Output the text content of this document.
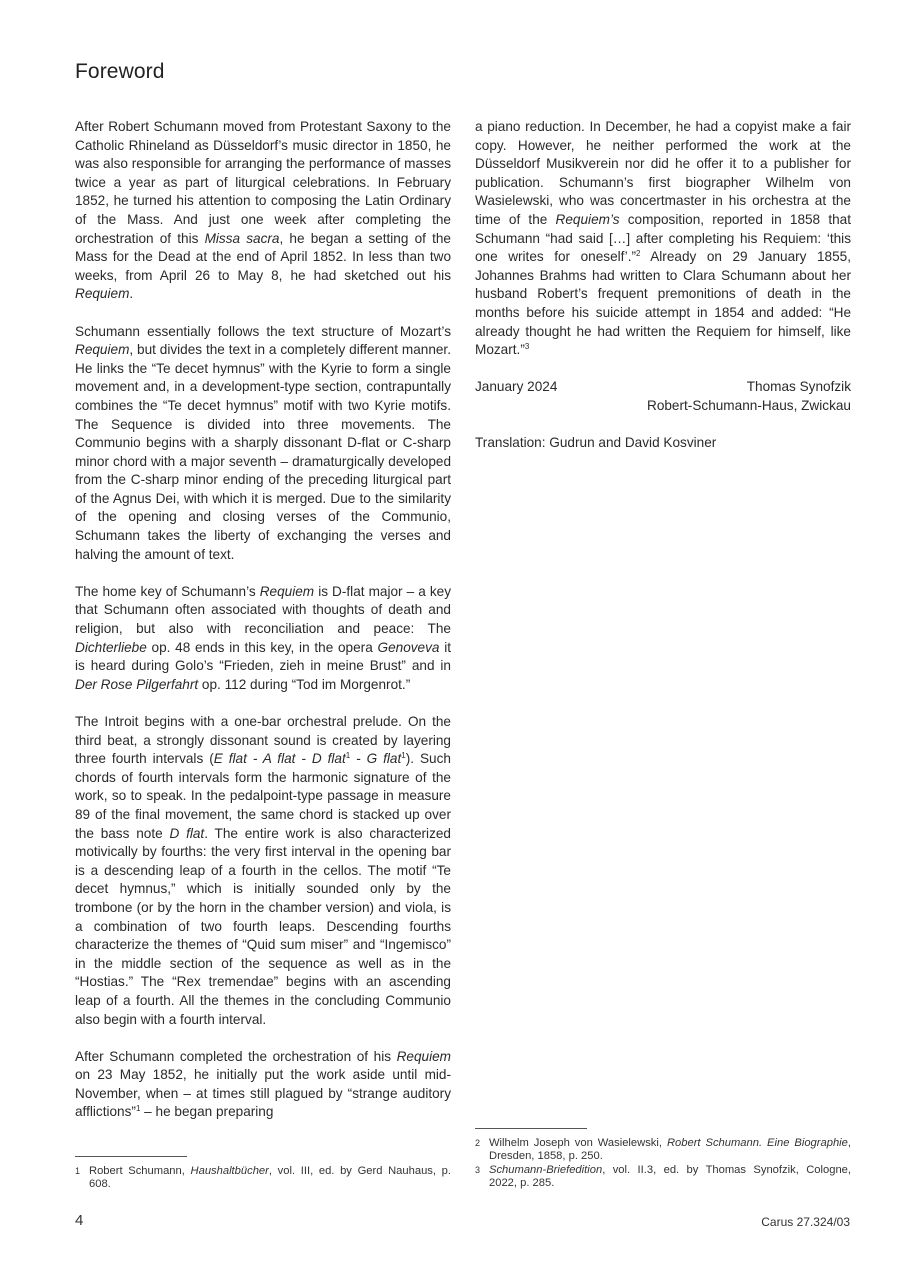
Foreword

After Robert Schumann moved from Protestant Saxony to the Catholic Rhineland as Düsseldorf’s music director in 1850, he was also responsible for arranging the performance of masses twice a year as part of liturgical celebrations. In February 1852, he turned his attention to composing the Latin Ordinary of the Mass. And just one week after completing the orchestration of this Missa sacra, he began a setting of the Mass for the Dead at the end of April 1852. In less than two weeks, from April 26 to May 8, he had sketched out his Requiem.

Schumann essentially follows the text structure of Mozart’s Requiem, but divides the text in a completely different manner. He links the “Te decet hymnus” with the Kyrie to form a single movement and, in a development-type section, contrapuntally combines the “Te decet hymnus” motif with two Kyrie motifs. The Sequence is divided into three movements. The Communio begins with a sharply dissonant D-flat or C-sharp minor chord with a major seventh – dramaturgically developed from the C-sharp minor ending of the preceding liturgical part of the Agnus Dei, with which it is merged. Due to the similarity of the opening and closing verses of the Communio, Schumann takes the liberty of exchanging the verses and halving the amount of text.

The home key of Schumann’s Requiem is D-flat major – a key that Schumann often associated with thoughts of death and religion, but also with reconciliation and peace: The Dichterliebe op. 48 ends in this key, in the opera Genoveva it is heard during Golo’s “Frieden, zieh in meine Brust” and in Der Rose Pilgerfahrt op. 112 during “Tod im Morgenrot.”

The Introit begins with a one-bar orchestral prelude. On the third beat, a strongly dissonant sound is created by layering three fourth intervals (E flat - A flat - D flat$^1$ - G flat$^1$). Such chords of fourth intervals form the harmonic signature of the work, so to speak. In the pedalpoint-type passage in measure 89 of the final movement, the same chord is stacked up over the bass note D flat. The entire work is also characterized motivically by fourths: the very first interval in the opening bar is a descending leap of a fourth in the cellos. The motif “Te decet hymnus,” which is initially sounded only by the trombone (or by the horn in the chamber version) and viola, is a combination of two fourth leaps. Descending fourths characterize the themes of “Quid sum miser” and “Ingemisco” in the middle section of the sequence as well as in the “Hostias.” The “Rex tremendae” begins with an ascending leap of a fourth. All the themes in the concluding Communio also begin with a fourth interval.

After Schumann completed the orchestration of his Requiem on 23 May 1852, he initially put the work aside until mid-November, when – at times still plagued by “strange auditory afflictions”$^1$ – he began preparing

a piano reduction. In December, he had a copyist make a fair copy. However, he neither performed the work at the Düsseldorf Musikverein nor did he offer it to a publisher for publication. Schumann’s first biographer Wilhelm von Wasielewski, who was concertmaster in his orchestra at the time of the Requiem’s composition, reported in 1858 that Schumann “had said […] after completing his Requiem: ‘this one writes for oneself’.”$^2$ Already on 29 January 1855, Johannes Brahms had written to Clara Schumann about her husband Robert’s frequent premonitions of death in the months before his suicide attempt in 1854 and added: “He already thought he had written the Requiem for himself, like Mozart.”$^3$

January 2024	Thomas Synofzik
Robert-Schumann-Haus, Zwickau

Translation: Gudrun and David Kosviner

1 Robert Schumann, Haushaltbücher, vol. III, ed. by Gerd Nauhaus, p. 608.
2 Wilhelm Joseph von Wasielewski, Robert Schumann. Eine Biographie, Dresden, 1858, p. 250.
3 Schumann-Briefedition, vol. II.3, ed. by Thomas Synofzik, Cologne, 2022, p. 285.
4	Carus 27.324/03
